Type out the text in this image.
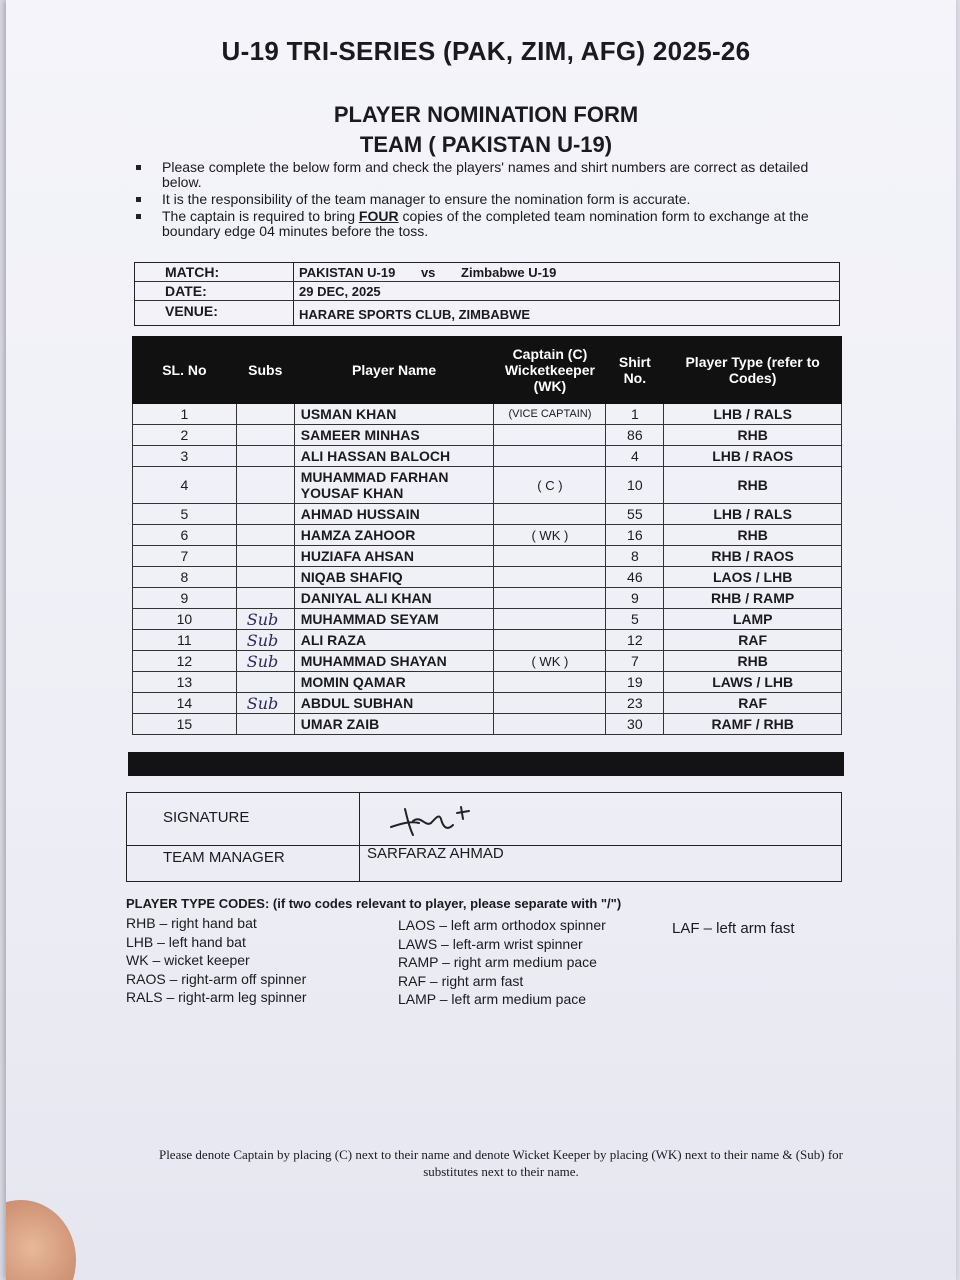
U-19 TRI-SERIES (PAK, ZIM, AFG) 2025-26
PLAYER NOMINATION FORM
TEAM ( PAKISTAN U-19)
Please complete the below form and check the players' names and shirt numbers are correct as detailed below.
It is the responsibility of the team manager to ensure the nomination form is accurate.
The captain is required to bring FOUR copies of the completed team nomination form to exchange at the boundary edge 04 minutes before the toss.
MATCH:	PAKISTAN U-19 vs Zimbabwe U-19
DATE:	29 DEC, 2025
VENUE:	HARARE SPORTS CLUB, ZIMBABWE
SL. No	Subs	Player Name	Captain (C) Wicketkeeper (WK)	Shirt No.	Player Type (refer to Codes)
1		USMAN KHAN	(VICE CAPTAIN)	1	LHB / RALS
2		SAMEER MINHAS		86	RHB
3		ALI HASSAN BALOCH		4	LHB / RAOS
4		MUHAMMAD FARHAN YOUSAF KHAN	( C )	10	RHB
5		AHMAD HUSSAIN		55	LHB / RALS
6		HAMZA ZAHOOR	( WK )	16	RHB
7		HUZIAFA AHSAN		8	RHB / RAOS
8		NIQAB SHAFIQ		46	LAOS / LHB
9		DANIYAL ALI KHAN		9	RHB / RAMP
10	Sub	MUHAMMAD SEYAM		5	LAMP
11	Sub	ALI RAZA		12	RAF
12	Sub	MUHAMMAD SHAYAN	( WK )	7	RHB
13		MOMIN QAMAR		19	LAWS / LHB
14	Sub	ABDUL SUBHAN		23	RAF
15		UMAR ZAIB		30	RAMF / RHB
SIGNATURE
TEAM MANAGER	SARFARAZ AHMAD
PLAYER TYPE CODES: (if two codes relevant to player, please separate with "/")
RHB – right hand bat
LHB – left hand bat
WK – wicket keeper
RAOS – right-arm off spinner
RALS – right-arm leg spinner
LAOS – left arm orthodox spinner
LAWS – left-arm wrist spinner
RAMP – right arm medium pace
RAF – right arm fast
LAMP – left arm medium pace
LAF – left arm fast
Please denote Captain by placing (C) next to their name and denote Wicket Keeper by placing (WK) next to their name & (Sub) for substitutes next to their name.
